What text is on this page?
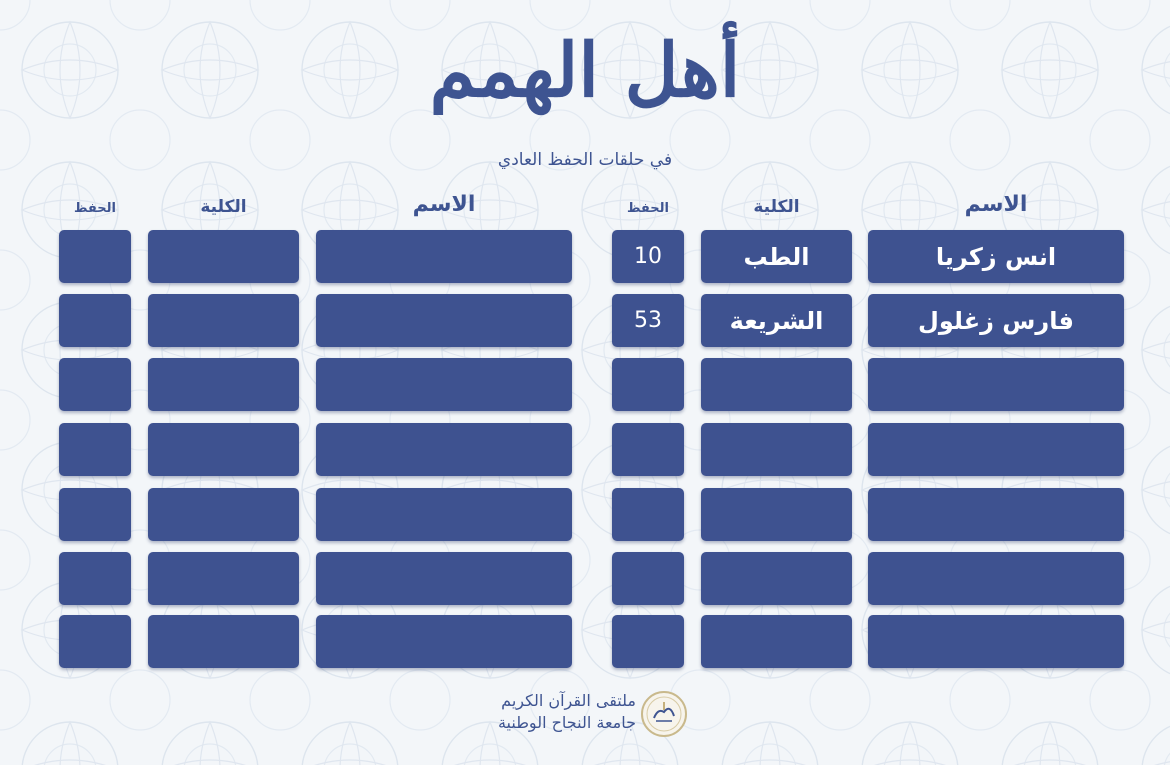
أهل الهمم
في حلقات الحفظ العادي
الاسم
الكلية
الحفظ
الاسم
الكلية
الحفظ
انس زكريا
الطب
10
فارس زغلول
الشريعة
53
ملتقى القرآن الكريم
جامعة النجاح الوطنية
